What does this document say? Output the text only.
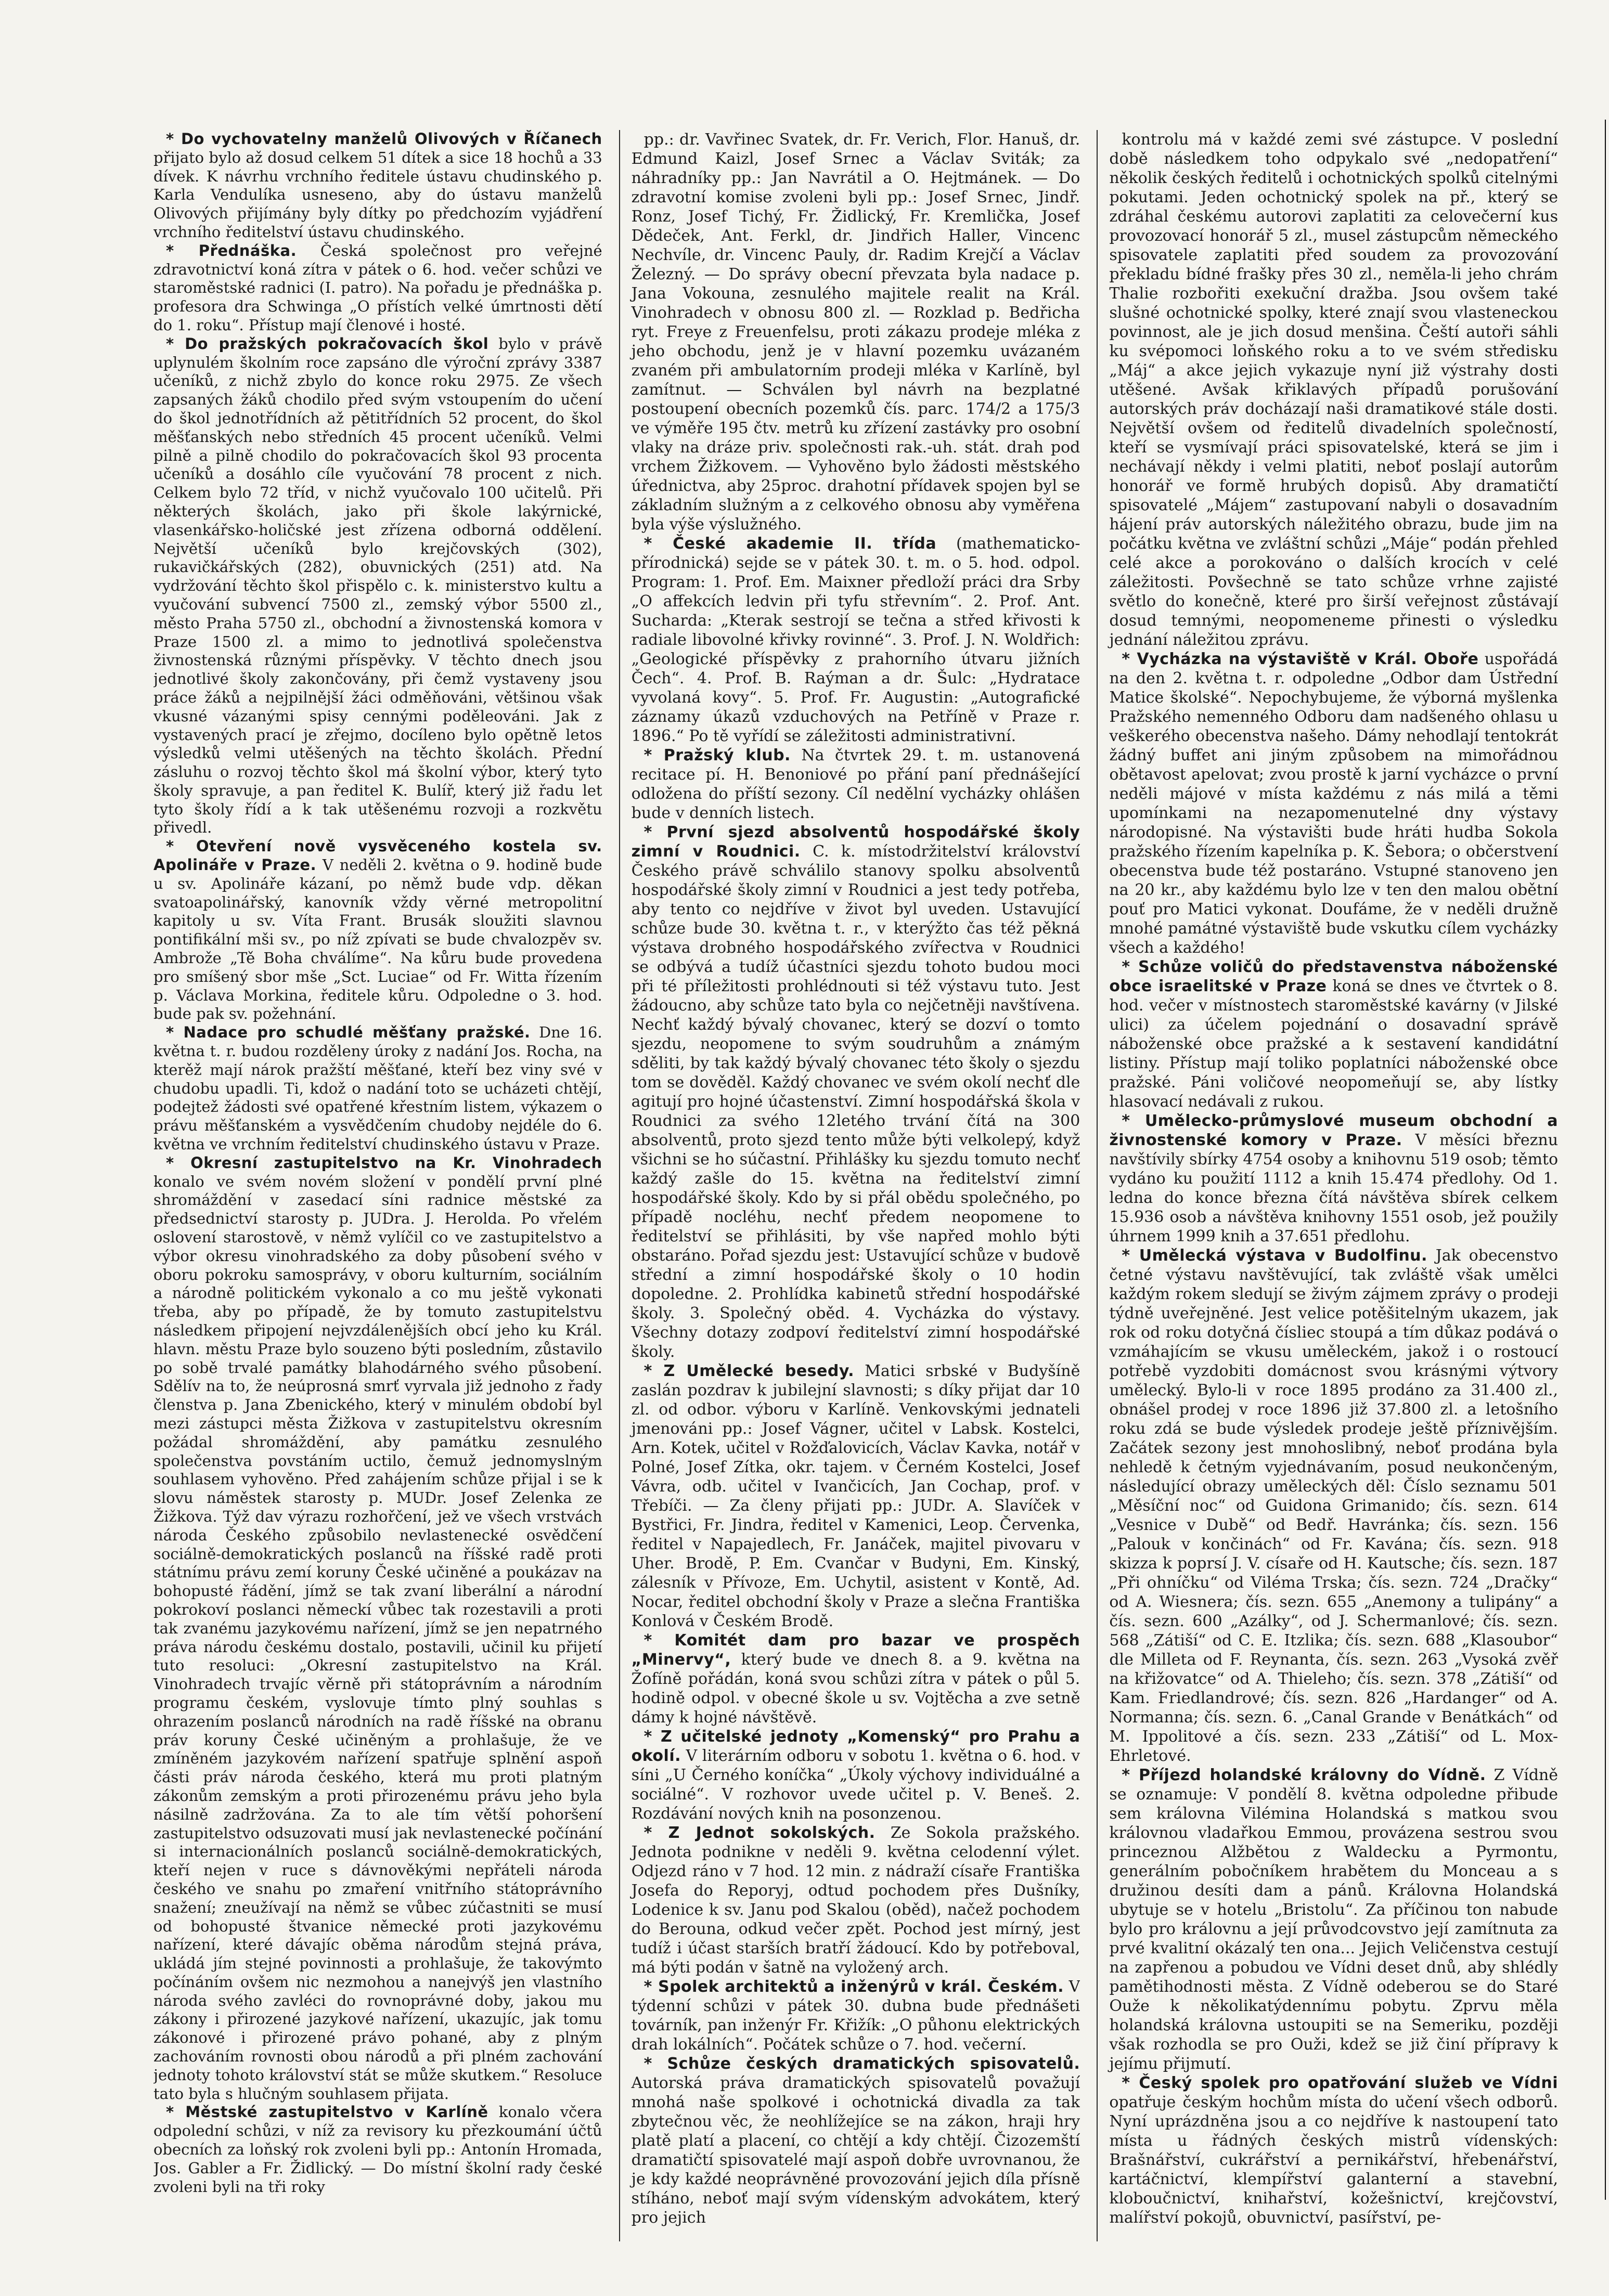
* Do vychovatelny manželů Olivových v Říčanech přijato bylo až dosud celkem 51 dítek a sice 18 hochů a 33 dívek. K návrhu vrchního ředitele ústavu chudinského p. Karla Vendulíka usneseno, aby do ústavu manželů Olivových přijímány byly dítky po předchozím vyjádření vrchního ředitelství ústavu chudinského.

* Přednáška. Česká společnost pro veřejné zdravotnictví koná zítra v pátek o 6. hod. večer schůzi ve staroměstské radnici (I. patro). Na pořadu je přednáška p. profesora dra Schwinga „O přístích velké úmrtnosti dětí do 1. roku“. Přístup mají členové i hosté.

* Do pražských pokračovacích škol bylo v právě uplynulém školním roce zapsáno dle výroční zprávy 3387 učeníků, z nichž zbylo do konce roku 2975. Ze všech zapsaných žáků chodilo před svým vstoupením do učení do škol jednotřídních až pětitřídních 52 procent, do škol měšťanských nebo středních 45 procent učeníků. Velmi pilně a pilně chodilo do pokračovacích škol 93 procenta učeníků a dosáhlo cíle vyučování 78 procent z nich. Celkem bylo 72 tříd, v nichž vyučovalo 100 učitelů. Při některých školách, jako při škole lakýrnické, vlasenkářsko-holičské jest zřízena odborná oddělení. Největší učeníků bylo krejčovských (302), rukavičkářských (282), obuvnických (251) atd. Na vydržování těchto škol přispělo c. k. ministerstvo kultu a vyučování subvencí 7500 zl., zemský výbor 5500 zl., město Praha 5750 zl., obchodní a živnostenská komora v Praze 1500 zl. a mimo to jednotlivá společenstva živnostenská různými příspěvky. V těchto dnech jsou jednotlivé školy zakončovány, při čemž vystaveny jsou práce žáků a nejpilnější žáci odměňováni, většinou však vkusné vázanými spisy cennými poděleováni. Jak z vystavených prací je zřejmo, docíleno bylo opětně letos výsledků velmi utěšených na těchto školách. Přední zásluhu o rozvoj těchto škol má školní výbor, který tyto školy spravuje, a pan ředitel K. Bulíř, který již řadu let tyto školy řídí a k tak utěšenému rozvoji a rozkvětu přivedl.

* Otevření nově vysvěceného kostela sv. Apolináře v Praze. V neděli 2. května o 9. hodině bude u sv. Apolináře kázaní, po němž bude vdp. děkan svatoapolinářský, kanovník vždy věrné metropolitní kapitoly u sv. Víta Frant. Brusák sloužiti slavnou pontifikální mši sv., po níž zpívati se bude chvalozpěv sv. Ambrože „Tě Boha chválíme“. Na kůru bude provedena pro smíšený sbor mše „Sct. Luciae“ od Fr. Witta řízením p. Václava Morkina, ředitele kůru. Odpoledne o 3. hod. bude pak sv. požehnání.

* Nadace pro schudlé měšťany pražské. Dne 16. května t. r. budou rozděleny úroky z nadání Jos. Rocha, na kterěž mají nárok pražští měšťané, kteří bez viny své v chudobu upadli. Ti, kdož o nadání toto se ucházeti chtějí, podejtež žádosti své opatřené křestním listem, výkazem o právu měšťanském a vysvědčením chudoby nejdéle do 6. května ve vrchním ředitelství chudinského ústavu v Praze.

* Okresní zastupitelstvo na Kr. Vinohradech konalo ve svém novém složení v pondělí první plné shromáždění v zasedací síni radnice městské za předsednictví starosty p. JUDra. J. Herolda. Po vřelém oslovení starostově, v němž vylíčil co ve zastupitelstvo a výbor okresu vinohradského za doby působení svého v oboru pokroku samosprávy, v oboru kulturním, sociálním a národně politickém vykonalo a co mu ještě vykonati třeba, aby po případě, že by tomuto zastupitelstvu následkem připojení nejvzdálenějších obcí jeho ku Král. hlavn. městu Praze bylo souzeno býti posledním, zůstavilo po sobě trvalé památky blahodárného svého působení. Sdělív na to, že neúprosná smrť vyrvala již jednoho z řady členstva p. Jana Zbenického, který v minulém období byl mezi zástupci města Žižkova v zastupitelstvu okresním požádal shromáždění, aby památku zesnulého společenstva povstáním uctilo, čemuž jednomyslným souhlasem vyhověno. Před zahájením schůze přijal i se k slovu náměstek starosty p. MUDr. Josef Zelenka ze Žižkova. Týž dav výrazu rozhořčení, jež ve všech vrstvách národa Českého způsobilo nevlastenecké osvědčení sociálně-demokratických poslanců na říšské radě proti státnímu právu zemí koruny České učiněné a poukázav na bohopusté řádění, jímž se tak zvaní liberální a národní pokrokoví poslanci německí vůbec tak rozestavili a proti tak zvanému jazykovému nařízení, jímž se jen nepatrného práva národu českému dostalo, postavili, učinil ku přijetí tuto resoluci: „Okresní zastupitelstvo na Král. Vinohradech trvajíc věrně při státoprávním a národním programu českém, vyslovuje tímto plný souhlas s ohrazením poslanců národních na radě říšské na obranu práv koruny České učiněným a prohlašuje, že ve zmíněném jazykovém nařízení spatřuje splnění aspoň části práv národa českého, která mu proti platným zákonům zemským a proti přirozenému právu jeho byla násilně zadržována. Za to ale tím větší pohoršení zastupitelstvo odsuzovati musí jak nevlastenecké počínání si internacionálních poslanců sociálně-demokratických, kteří nejen v ruce s dávnověkými nepřáteli národa českého ve snahu po zmaření vnitřního státoprávního snažení; zneužívají na němž se vůbec zúčastniti se musí od bohopusté štvanice německé proti jazykovému nařízení, které dávajíc oběma národům stejná práva, ukládá jím stejné povinnosti a prohlašuje, že takovýmto počínáním ovšem nic nezmohou a nanejvýš jen vlastního národa svého zavléci do rovnoprávné doby, jakou mu zákony i přirozené jazykové nařízení, ukazujíc, jak tomu zákonové i přirozené právo pohané, aby z plným zachováním rovnosti obou národů a při plném zachování jednoty tohoto království stát se může skutkem.“ Resoluce tato byla s hlučným souhlasem přijata.

* Městské zastupitelstvo v Karlíně konalo včera odpolední schůzi, v níž za revisory ku přezkoumání účtů obecních za loňský rok zvoleni byli pp.: Antonín Hromada, Jos. Gabler a Fr. Židlický. — Do místní školní rady české zvoleni byli na tři roky

pp.: dr. Vavřinec Svatek, dr. Fr. Verich, Flor. Hanuš, dr. Edmund Kaizl, Josef Srnec a Václav Sviták; za náhradníky pp.: Jan Navrátil a O. Hejtmánek. — Do zdravotní komise zvoleni byli pp.: Josef Srnec, Jindř. Ronz, Josef Tichý, Fr. Židlický, Fr. Kremlička, Josef Dědeček, Ant. Ferkl, dr. Jindřich Haller, Vincenc Nechvíle, dr. Vincenc Pauly, dr. Radim Krejčí a Václav Železný. — Do správy obecní převzata byla nadace p. Jana Vokouna, zesnulého majitele realit na Král. Vinohradech v obnosu 800 zl. — Rozklad p. Bedřicha ryt. Freye z Freuenfelsu, proti zákazu prodeje mléka z jeho obchodu, jenž je v hlavní pozemku uvázaném zvaném při ambulatorním prodeji mléka v Karlíně, byl zamítnut. — Schválen byl návrh na bezplatné postoupení obecních pozemků čís. parc. 174/2 a 175/3 ve výměře 195 čtv. metrů ku zřízení zastávky pro osobní vlaky na dráze priv. společnosti rak.-uh. stát. drah pod vrchem Žižkovem. — Vyhověno bylo žádosti městského úřednictva, aby 25proc. drahotní přídavek spojen byl se základním služným a z celkového obnosu aby vyměřena byla výše výslužného.

* České akademie II. třída (mathematicko-přírodnická) sejde se v pátek 30. t. m. o 5. hod. odpol. Program: 1. Prof. Em. Maixner předloží práci dra Srby „O affekcích ledvin při tyfu střevním“. 2. Prof. Ant. Sucharda: „Kterak sestrojí se tečna a střed křivosti k radiale libovolné křivky rovinné“. 3. Prof. J. N. Woldřich: „Geologické příspěvky z prahorního útvaru jižních Čech“. 4. Prof. B. Raýman a dr. Šulc: „Hydratace vyvolaná kovy“. 5. Prof. Fr. Augustin: „Autografické záznamy úkazů vzduchových na Petříně v Praze r. 1896.“ Po tě vyřídí se záležitosti administrativní.

* Pražský klub. Na čtvrtek 29. t. m. ustanovená recitace pí. H. Benoniové po přání paní přednášející odložena do příští sezony. Cíl nedělní vycházky ohlášen bude v denních listech.

* První sjezd absolventů hospodářské školy zimní v Roudnici. C. k. místodržitelství království Českého právě schválilo stanovy spolku absolventů hospodářské školy zimní v Roudnici a jest tedy potřeba, aby tento co nejdříve v život byl uveden. Ustavující schůze bude 30. května t. r., v kterýžto čas též pěkná výstava drobného hospodářského zvířectva v Roudnici se odbývá a tudíž účastníci sjezdu tohoto budou moci při té příležitosti prohlédnouti si též výstavu tuto. Jest žádoucno, aby schůze tato byla co nejčetněji navštívena. Nechť každý bývalý chovanec, který se dozví o tomto sjezdu, neopomene to svým soudruhům a známým sděliti, by tak každý bývalý chovanec této školy o sjezdu tom se dověděl. Každý chovanec ve svém okolí nechť dle agitují pro hojné účastenství. Zimní hospodářská škola v Roudnici za svého 12letého trvání čítá na 300 absolventů, proto sjezd tento může býti velkolepý, když všichni se ho súčastní. Přihlášky ku sjezdu tomuto nechť každý zašle do 15. května na ředitelství zimní hospodářské školy. Kdo by si přál obědu společného, po případě nocléhu, nechť předem neopomene to ředitelství se přihlásiti, by vše napřed mohlo býti obstaráno. Pořad sjezdu jest: Ustavující schůze v budově střední a zimní hospodářské školy o 10 hodin dopoledne. 2. Prohlídka kabinetů střední hospodářské školy. 3. Společný oběd. 4. Vycházka do výstavy. Všechny dotazy zodpoví ředitelství zimní hospodářské školy.

* Z Umělecké besedy. Matici srbské v Budyšíně zaslán pozdrav k jubilejní slavnosti; s díky přijat dar 10 zl. od odbor. výboru v Karlíně. Venkovskými jednateli jmenováni pp.: Josef Vágner, učitel v Labsk. Kostelci, Arn. Kotek, učitel v Rožďalovicích, Václav Kavka, notář v Polné, Josef Zítka, okr. tajem. v Černém Kostelci, Josef Vávra, odb. učitel v Ivančicích, Jan Cochap, prof. v Třebíči. — Za členy přijati pp.: JUDr. A. Slavíček v Bystřici, Fr. Jindra, ředitel v Kamenici, Leop. Červenka, ředitel v Napajedlech, Fr. Janáček, majitel pivovaru v Uher. Brodě, P. Em. Cvančar v Budyni, Em. Kinský, zálesník v Přívoze, Em. Uchytil, asistent v Kontě, Ad. Nocar, ředitel obchodní školy v Praze a slečna Františka Konlová v Českém Brodě.

* Komitét dam pro bazar ve prospěch „Minervy“, který bude ve dnech 8. a 9. května na Žofíně pořádán, koná svou schůzi zítra v pátek o půl 5. hodině odpol. v obecné škole u sv. Vojtěcha a zve setně dámy k hojné návštěvě.

* Z učitelské jednoty „Komenský“ pro Prahu a okolí. V literárním odboru v sobotu 1. května o 6. hod. v síni „U Černého koníčka“ „Úkoly výchovy individuálné a sociálné“. V rozhovor uvede učitel p. V. Beneš. 2. Rozdávání nových knih na posonzenou.

* Z Jednot sokolských. Ze Sokola pražského. Jednota podnikne v neděli 9. května celodenní výlet. Odjezd ráno v 7 hod. 12 min. z nádraží císaře Františka Josefa do Reporyj, odtud pochodem přes Dušníky, Lodenice k sv. Janu pod Skalou (oběd), načež pochodem do Berouna, odkud večer zpět. Pochod jest mírný, jest tudíž i účast starších bratří žádoucí. Kdo by potřeboval, má býti podán v šatně na vyložený arch.

* Spolek architektů a inženýrů v král. Českém. V týdenní schůzi v pátek 30. dubna bude přednášeti továrník, pan inženýr Fr. Křižík: „O půhonu elektrických drah lokálních“. Počátek schůze o 7. hod. večerní.

* Schůze českých dramatických spisovatelů. Autorská práva dramatických spisovatelů považují mnohá naše spolkové i ochotnická divadla za tak zbytečnou věc, že neohlížejíce se na zákon, hraji hry platě platí a placení, co chtějí a kdy chtějí. Čizozemští dramatičtí spisovatelé mají aspoň dobře uvrovnanou, že je kdy každé neoprávněné provozování jejich díla přísně stíháno, neboť mají svým vídenským advokátem, který pro jejich

kontrolu má v každé zemi své zástupce. V poslední době následkem toho odpykalo své „nedopatření“ několik českých ředitelů i ochotnických spolků citelnými pokutami. Jeden ochotnický spolek na př., který se zdráhal českému autorovi zaplatiti za celovečerní kus provozovací honorář 5 zl., musel zástupcům německého spisovatele zaplatiti před soudem za provozování překladu bídné frašky přes 30 zl., neměla-li jeho chrám Thalie rozbořiti exekuční dražba. Jsou ovšem také slušné ochotnické spolky, které znají svou vlasteneckou povinnost, ale je jich dosud menšina. Čeští autoři sáhli ku svépomoci loňského roku a to ve svém středisku „Máj“ a akce jejich vykazuje nyní již výstrahy dosti utěšené. Avšak křiklavých případů porušování autorských práv docházají naši dramatikové stále dosti. Největší ovšem od ředitelů divadelních společností, kteří se vysmívají práci spisovatelské, která se jim i nechávají někdy i velmi platiti, neboť poslají autorům honorář ve formě hrubých dopisů. Aby dramatičtí spisovatelé „Májem“ zastupovaní nabyli o dosavadním hájení práv autorských náležitého obrazu, bude jim na počátku května ve zvláštní schůzi „Máje“ podán přehled celé akce a porokováno o dalších krocích v celé záležitosti. Povšechně se tato schůze vrhne zajisté světlo do konečně, které pro širší veřejnost zůstávají dosud temnými, neopomeneme přinesti o výsledku jednání náležitou zprávu.

* Vycházka na výstaviště v Král. Oboře uspořádá na den 2. května t. r. odpoledne „Odbor dam Ústřední Matice školské“. Nepochybujeme, že výborná myšlenka Pražského nemenného Odboru dam nadšeného ohlasu u veškerého obecenstva našeho. Dámy nehodlají tentokrát žádný buffet ani jiným způsobem na mimořádnou obětavost apelovat; zvou prostě k jarní vycházce o první neděli májové v místa každému z nás milá a těmi upomínkami na nezapomenutelné dny výstavy národopisné. Na výstavišti bude hráti hudba Sokola pražského řízením kapelníka p. K. Šebora; o občerstvení obecenstva bude též postaráno. Vstupné stanoveno jen na 20 kr., aby každému bylo lze v ten den malou obětní pouť pro Matici vykonat. Doufáme, že v neděli družně mnohé památné výstaviště bude vskutku cílem vycházky všech a každého!

* Schůze voličů do představenstva náboženské obce israelitské v Praze koná se dnes ve čtvrtek o 8. hod. večer v místnostech staroměstské kavárny (v Jilské ulici) za účelem pojednání o dosavadní správě náboženské obce pražské a k sestavení kandidátní listiny. Přístup mají toliko poplatníci náboženské obce pražské. Páni voličové neopomeňují se, aby lístky hlasovací nedávali z rukou.

* Umělecko-průmyslové museum obchodní a živnostenské komory v Praze. V měsíci březnu navštívily sbírky 4754 osoby a knihovnu 519 osob; těmto vydáno ku použití 1112 a knih 15.474 předlohy. Od 1. ledna do konce března čítá návštěva sbírek celkem 15.936 osob a návštěva knihovny 1551 osob, jež použily úhrnem 1999 knih a 37.651 předlohu.

* Umělecká výstava v Budolfinu. Jak obecenstvo četné výstavu navštěvující, tak zvláště však umělci každým rokem sledují se živým zájmem zprávy o prodeji týdně uveřejněné. Jest velice potěšitelným ukazem, jak rok od roku dotyčná čísliec stoupá a tím důkaz podává o vzmáhajícím se vkusu uměleckém, jakož i o rostoucí potřebě vyzdobiti domácnost svou krásnými výtvory umělecký. Bylo-li v roce 1895 prodáno za 31.400 zl., obnášel prodej v roce 1896 již 37.800 zl. a letošního roku zdá se bude výsledek prodeje ještě příznivějším. Začátek sezony jest mnohoslibný, neboť prodána byla nehledě k četným vyjednávaním, posud neukončeným, následující obrazy uměleckých děl: Číslo seznamu 501 „Měsíční noc“ od Guidona Grimanido; čís. sezn. 614 „Vesnice v Dubě“ od Bedř. Havránka; čís. sezn. 156 „Palouk v končinách“ od Fr. Kavána; čís. sezn. 918 skizza k poprsí J. V. císaře od H. Kautsche; čís. sezn. 187 „Při ohníčku“ od Viléma Trska; čís. sezn. 724 „Dračky“ od A. Wiesnera; čís. sezn. 655 „Anemony a tulipány“ a čís. sezn. 600 „Azálky“, od J. Schermanlové; čís. sezn. 568 „Zátiší“ od C. E. Itzlika; čís. sezn. 688 „Klasoubor“ dle Milleta od F. Reynanta, čís. sezn. 263 „Vysoká zvěř na křižovatce“ od A. Thieleho; čís. sezn. 378 „Zátiší“ od Kam. Friedlandrové; čís. sezn. 826 „Hardanger“ od A. Normanna; čís. sezn. 6. „Canal Grande v Benátkách“ od M. Ippolitové a čís. sezn. 233 „Zátiší“ od L. Mox-Ehrletové.

* Příjezd holandské královny do Vídně. Z Vídně se oznamuje: V pondělí 8. května odpoledne přibude sem královna Vilémina Holandská s matkou svou královnou vladařkou Emmou, provázena sestrou svou princeznou Alžbětou z Waldecku a Pyrmontu, generálním pobočníkem hrabětem du Monceau a s družinou desíti dam a pánů. Královna Holandská ubytuje se v hotelu „Bristolu“. Za příčinou ton nabude bylo pro královnu a její průvodcovstvo její zamítnuta za prvé kvalitní okázalý ten ona... Jejich Veličenstva cestují na zapřenou a pobudou ve Vídni deset dnů, aby shlédly pamětihodnosti města. Z Vídně odeberou se do Staré Ouže k několikatýdennímu pobytu. Zprvu měla holandská královna ustoupiti se na Semeriku, později však rozhodla se pro Ouži, kdež se již činí přípravy k jejímu přijmutí.

* Český spolek pro opatřování služeb ve Vídni opatřuje českým hochům místa do učení všech odborů. Nyní uprázdněna jsou a co nejdříve k nastoupení tato místa u řádných českých mistrů vídenských: Brašnářství, cukrářství a pernikářství, hřebenářství, kartáčnictví, klempířství galanterní a stavební, kloboučnictví, knihařství, kožešnictví, krejčovství, malířství pokojů, obuvnictví, pasířství, pe-
